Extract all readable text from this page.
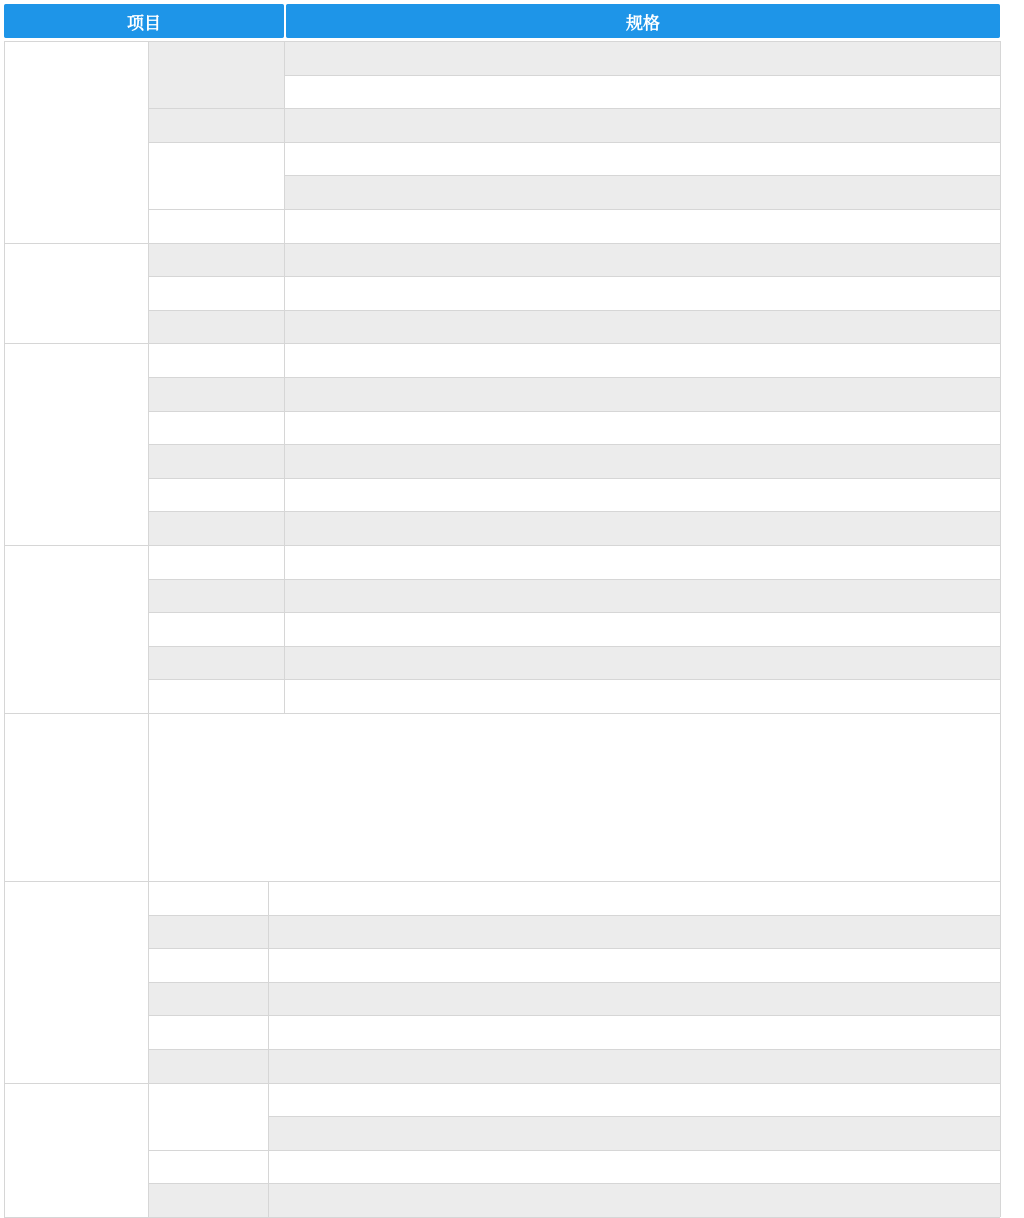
项目	规格
